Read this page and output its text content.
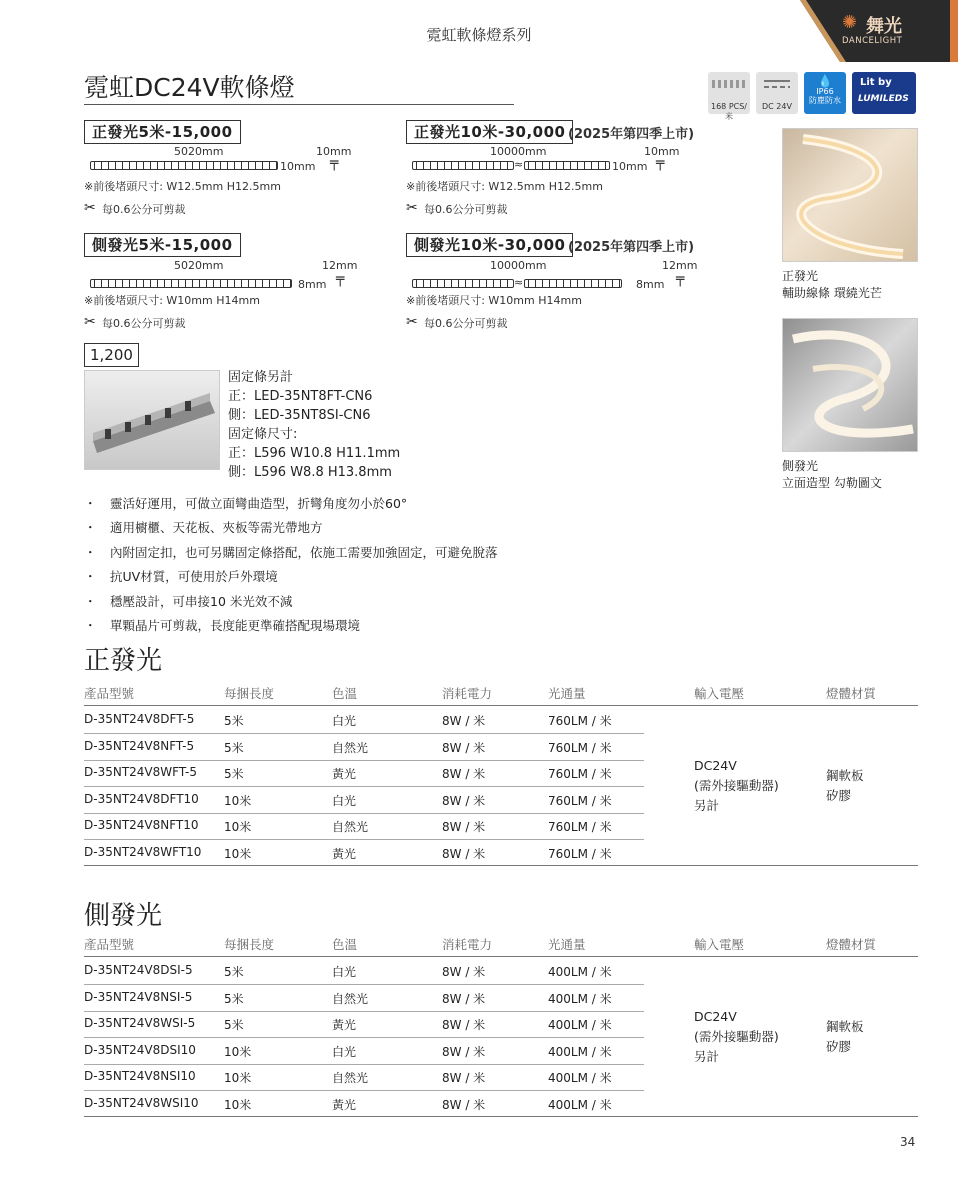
霓虹軟條燈系列
✺ 舞光
DANCELIGHT
霓虹DC24V軟條燈
168 PCS/米
DC 24V
💧
IP66
防塵防水
Lit by
LUMILEDS
正發光5米-15,000
5020mm	10mm
10mm ╤
※前後堵頭尺寸: W12.5mm H12.5mm
✂ 每0.6公分可剪裁
正發光10米-30,000 (2025年第四季上市)
10000mm	10mm
≈	10mm ╤
※前後堵頭尺寸: W12.5mm H12.5mm
✂ 每0.6公分可剪裁
側發光5米-15,000
5020mm	12mm
8mm ╤
※前後堵頭尺寸: W10mm H14mm
✂ 每0.6公分可剪裁
側發光10米-30,000 (2025年第四季上市)
10000mm	12mm
≈	8mm ╤
※前後堵頭尺寸: W10mm H14mm
✂ 每0.6公分可剪裁
正發光
輔助線條 環繞光芒
側發光
立面造型 勾勒圖文
1,200
固定條另計
正：LED-35NT8FT-CN6
側：LED-35NT8SI-CN6
固定條尺寸:
正：L596 W10.8 H11.1mm
側：L596 W8.8 H13.8mm
・ 靈活好運用，可做立面彎曲造型，折彎角度勿小於60°
・ 適用櫥櫃、天花板、夾板等需光帶地方
・ 內附固定扣，也可另購固定條搭配，依施工需要加強固定，可避免脫落
・ 抗UV材質，可使用於戶外環境
・ 穩壓設計，可串接10 米光效不減
・ 單顆晶片可剪裁，長度能更準確搭配現場環境
正發光
產品型號	每捆長度	色溫	消耗電力	光通量	輸入電壓	燈體材質
D-35NT24V8DFT-5 5米	白光	8W / 米	760LM / 米
D-35NT24V8NFT-5 5米	自然光	8W / 米	760LM / 米
D-35NT24V8WFT-5 5米	黃光	8W / 米	760LM / 米
D-35NT24V8DFT10 10米	白光	8W / 米	760LM / 米
D-35NT24V8NFT10 10米	自然光	8W / 米	760LM / 米
D-35NT24V8WFT10 10米	黃光	8W / 米	760LM / 米
DC24V
(需外接驅動器)
另計
鋼軟板
矽膠
側發光
產品型號	每捆長度	色溫	消耗電力	光通量	輸入電壓	燈體材質
D-35NT24V8DSI-5	5米	白光	8W / 米	400LM / 米
D-35NT24V8NSI-5	5米	自然光	8W / 米	400LM / 米
D-35NT24V8WSI-5 5米	黃光	8W / 米	400LM / 米
D-35NT24V8DSI10 10米	白光	8W / 米	400LM / 米
D-35NT24V8NSI10 10米	自然光	8W / 米	400LM / 米
D-35NT24V8WSI10 10米	黃光	8W / 米	400LM / 米
DC24V
(需外接驅動器)
另計
鋼軟板
矽膠
34
